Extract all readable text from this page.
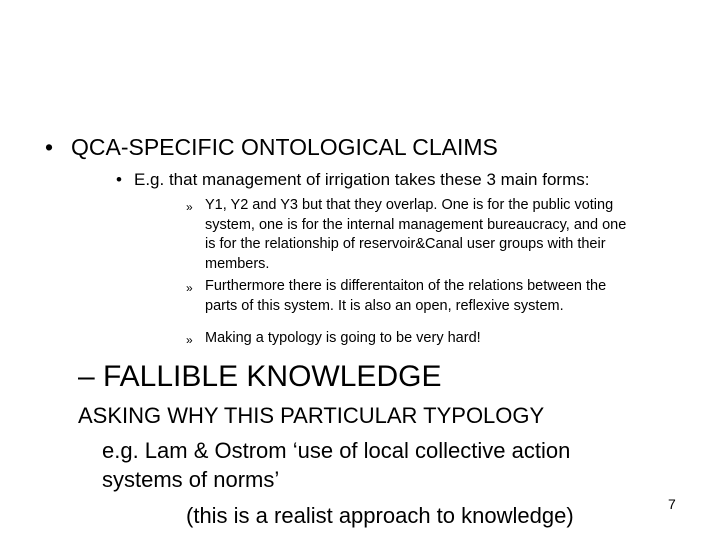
• QCA-SPECIFIC ONTOLOGICAL CLAIMS
• E.g. that management of irrigation takes these 3 main forms:
» Y1, Y2 and Y3 but that they overlap. One is for the public voting
system, one is for the internal management bureaucracy, and one
is for the relationship of reservoir&Canal user groups with their
members.
» Furthermore there is differentaiton of the relations between the
parts of this system. It is also an open, reflexive system.
» Making a typology is going to be very hard!
– FALLIBLE KNOWLEDGE
ASKING WHY THIS PARTICULAR TYPOLOGY
e.g. Lam & Ostrom ‘use of local collective action
systems of norms’
(this is a realist approach to knowledge)	7
